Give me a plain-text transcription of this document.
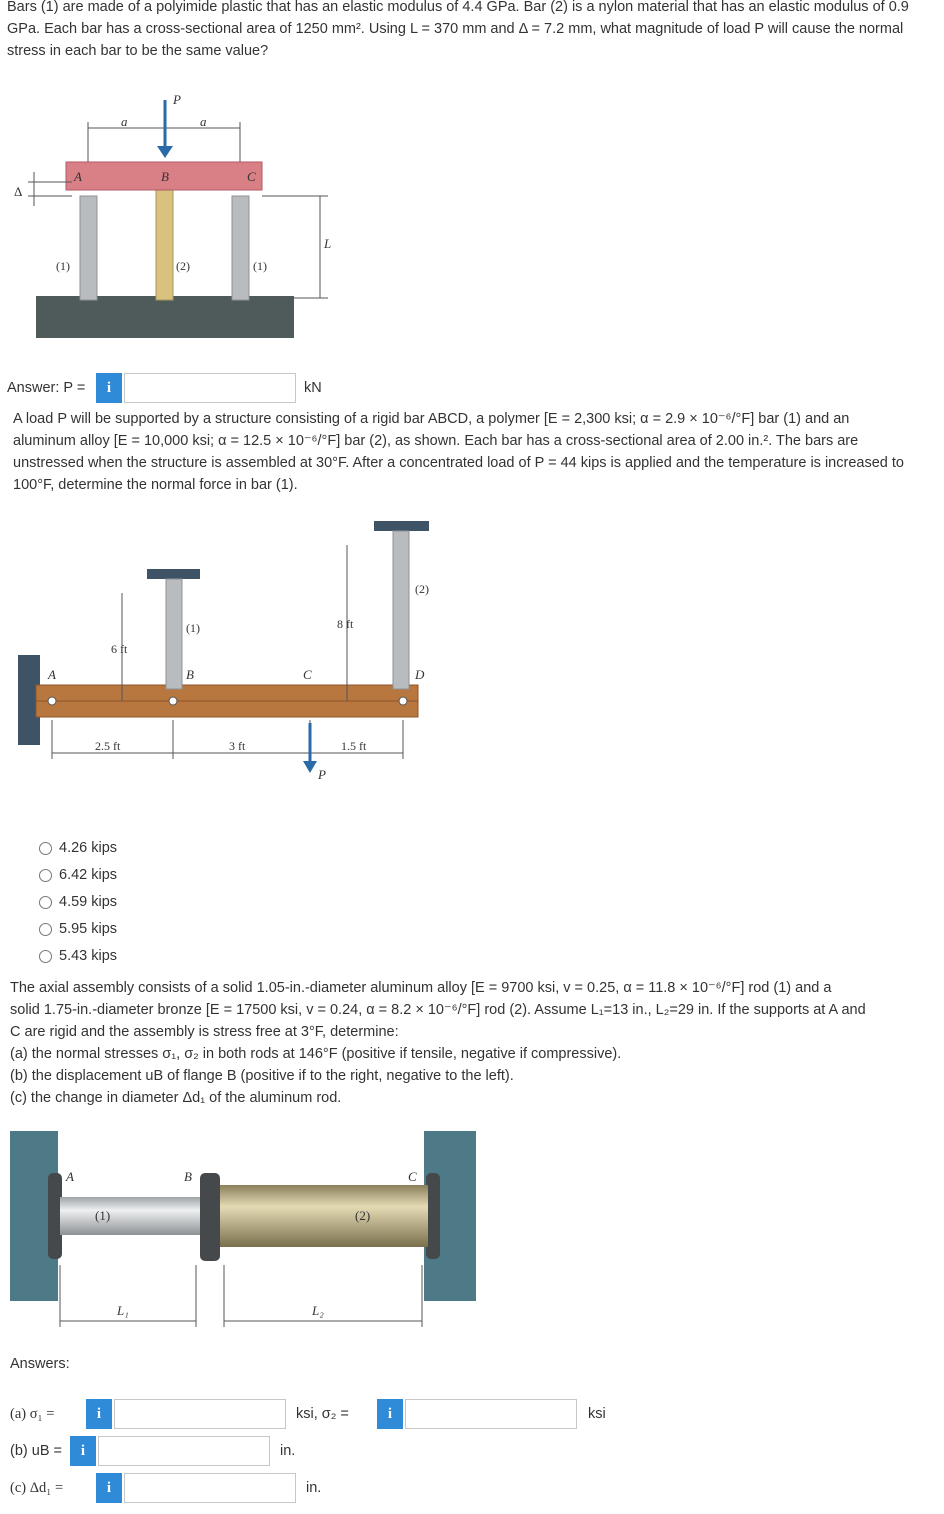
Bars (1) are made of a polyimide plastic that has an elastic modulus of 4.4 GPa. Bar (2) is a nylon material that has an elastic modulus of 0.9 GPa. Each bar has a cross-sectional area of 1250 mm². Using L = 370 mm and Δ = 7.2 mm, what magnitude of load P will cause the normal stress in each bar to be the same value?

P
a	a
A	B	C
Δ
L
(1)	(2)	(1)
Answer: P =	i	kN

A load P will be supported by a structure consisting of a rigid bar ABCD, a polymer [E = 2,300 ksi; α = 2.9 × 10⁻⁶/°F] bar (1) and an aluminum alloy [E = 10,000 ksi; α = 12.5 × 10⁻⁶/°F] bar (2), as shown. Each bar has a cross-sectional area of 2.00 in.². The bars are unstressed when the structure is assembled at 30°F. After a concentrated load of P = 44 kips is applied and the temperature is increased to 100°F, determine the normal force in bar (1).

A	B	C	D
P
(1)
(2)
6 ft
8 ft
2.5 ft	3 ft	1.5 ft
4.26 kips
6.42 kips
4.59 kips
5.95 kips
5.43 kips
The axial assembly consists of a solid 1.05-in.-diameter aluminum alloy [E = 9700 ksi, v = 0.25, α = 11.8 × 10⁻⁶/°F] rod (1) and a
solid 1.75-in.-diameter bronze [E = 17500 ksi, v = 0.24, α = 8.2 × 10⁻⁶/°F] rod (2). Assume L₁=13 in., L₂=29 in. If the supports at A and
C are rigid and the assembly is stress free at 3°F, determine:
(a) the normal stresses σ₁, σ₂ in both rods at 146°F (positive if tensile, negative if compressive).
(b) the displacement uB of flange B (positive if to the right, negative to the left).
(c) the change in diameter Δd₁ of the aluminum rod.
A	B	C
L₁	L₂
(1)	(2)
Answers:
(a) σ₁ =	i	ksi, σ₂ =	i	ksi
(b) uB =	i	in.
(c) Δd₁ =	i	in.
